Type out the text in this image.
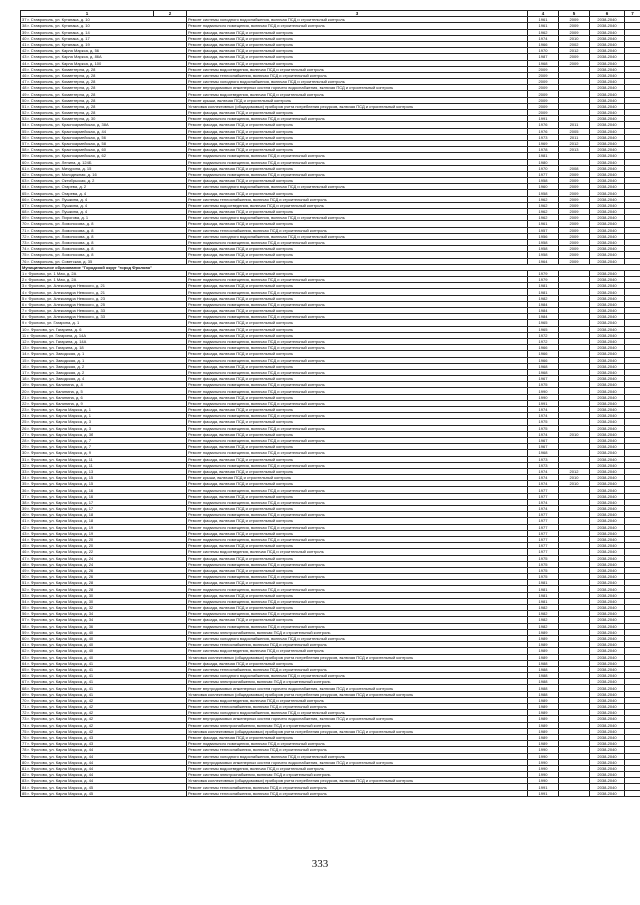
1	2	3	4	5	6	7
37 г. Ставрополь, ул. Кутанака, д. 10		Ремонт системы холодного водоснабжения, включая ПСД и строительный контроль	1961	2009	2038-2040	
38 г. Ставрополь, ул. Кутанака, д. 10		Ремонт подвального помещения, включая ПСД и строительный контроль	1961	2009	2038-2040	
39 г. Ставрополь, ул. Кутанака, д. 14		Ремонт фасада, включая ПСД и строительный контроль	1962	2009	2038-2040	
40 г. Ставрополь, ул. Кутанака, д. 17		Ремонт фасада, включая ПСД и строительный контроль	1974	2010	2038-2040	
41 г. Ставрополь, ул. Кутанака, д. 19		Ремонт фасада, включая ПСД и строительный контроль	1966	2002	2038-2040	
42 г. Ставрополь, ул. Карла Маркса, д. 56		Ремонт фасада, включая ПСД и строительный контроль	1970	2012	2038-2040	
43 г. Ставрополь, ул. Карла Маркса, д. 86А		Ремонт фасада, включая ПСД и строительный контроль	1987	2009	2038-2040	
44 г. Ставрополь, ул. Карла Маркса, д. 100		Ремонт фасада, включая ПСД и строительный контроль	1968	2009	2038-2040	
45 г. Ставрополь, ул. Коминтерна, д. 28		Ремонт системы водоотведения, включая ПСД и строительный контроль	2009		2038-2040	
46 г. Ставрополь, ул. Коминтерна, д. 28		Ремонт системы теплоснабжения, включая ПСД и строительный контроль	2009		2038-2040	
47 г. Ставрополь, ул. Коминтерна, д. 28		Ремонт системы холодного водоснабжения, включая ПСД и строительный контроль	2009		2038-2040	
48 г. Ставрополь, ул. Коминтерна, д. 28		Ремонт внутридомовых инженерных систем горячего водоснабжения, включая ПСД и строительный контроль	2009		2038-2040	
49 г. Ставрополь, ул. Коминтерна, д. 28		Ремонт системы водоотведения, включая ПСД и строительный контроль	2009		2038-2040	
50 г. Ставрополь, ул. Коминтерна, д. 28		Ремонт крыши, включая ПСД и строительный контроль	2009		2038-2040	
51 г. Ставрополь, ул. Коминтерна, д. 28		Установка коллективных (общедомовых) приборов учета потребления ресурсов, включая ПСД и строительный контроль	2009		2038-2040	
52 г. Ставрополь, ул. Коминтерна, д. 28		Ремонт фасада, включая ПСД и строительный контроль	2009		2038-2040	
53 г. Ставрополь, ул. Коминтерна, д. 30		Ремонт подвального помещения, включая ПСД и строительный контроль	1991		2038-2040	
54 г. Ставрополь, ул. Красноармейская, д. 38А		Ремонт фасада, включая ПСД и строительный контроль	1976	2011	2038-2040	
55 г. Ставрополь, ул. Красноармейская, д. 44		Ремонт фасада, включая ПСД и строительный контроль	1976	2005	2038-2040	
56 г. Ставрополь, ул. Красноармейская, д. 56		Ремонт фасада, включая ПСД и строительный контроль	1973	2011	2038-2040	
57 г. Ставрополь, ул. Красноармейская, д. 58		Ремонт фасада, включая ПСД и строительный контроль	1969	2012	2038-2040	
58 г. Ставрополь, ул. Красноармейская, д. 60		Ремонт фасада, включая ПСД и строительный контроль	1978	2013	2038-2040	
59 г. Ставрополь, ул. Красноармейская, д. 62		Ремонт подвального помещения, включая ПСД и строительный контроль	1981		2038-2040	
60 г. Ставрополь, ул. Ленина, д. 124Б		Ремонт подвального помещения, включая ПСД и строительный контроль	1980		2038-2040	
61 г. Ставрополь, ул. Мичурина, д. 15		Ремонт фасада, включая ПСД и строительный контроль	1970	2008	2038-2040	
62 г. Ставрополь, ул. Молодежная, д. 16		Ремонт подвального помещения, включая ПСД и строительный контроль	1977	2009	2038-2040	
63 г. Ставрополь, ул. Октябрьская, д. 2		Ремонт фасада, включая ПСД и строительный контроль	1958	2009	2038-2040	
64 г. Ставрополь, ул. Огарева, д. 2		Ремонт системы холодного водоснабжения, включая ПСД и строительный контроль	1960	2009	2038-2040	
65 г. Ставрополь, ул. Огарева, д. 4		Ремонт фасада, включая ПСД и строительный контроль	1958	2009	2038-2040	
66 г. Ставрополь, ул. Пушкина, д. 4		Ремонт системы теплоснабжения, включая ПСД и строительный контроль	1962	2009	2038-2040	
67 г. Ставрополь, ул. Пушкина, д. 4		Ремонт системы водоотведения, включая ПСД и строительный контроль	1962	2009	2038-2040	
68 г. Ставрополь, ул. Пушкина, д. 4		Ремонт фасада, включая ПСД и строительный контроль	1962	2009	2038-2040	
69 г. Ставрополь, ул. Пирогова, д. 1		Ремонт системы холодного водоснабжения, включая ПСД и строительный контроль	1962	2009	2038-2040	
70 г. Ставрополь, ул. Ломоносова, д. 8		Ремонт фасада, включая ПСД и строительный контроль	1961	2009	2038-2040	
71 г. Ставрополь, ул. Ломоносова, д. 8		Ремонт системы теплоснабжения, включая ПСД и строительный контроль	1957	2009	2038-2040	
72 г. Ставрополь, ул. Ломоносова, д. 8		Ремонт системы холодного водоснабжения, включая ПСД и строительный контроль	1956	2009	2038-2040	
73 г. Ставрополь, ул. Ломоносова, д. 8		Ремонт подвального помещения, включая ПСД и строительный контроль	1958	2009	2038-2040	
74 г. Ставрополь, ул. Ломоносова, д. 8		Ремонт фасада, включая ПСД и строительный контроль	1958	2009	2038-2040	
75 г. Ставрополь, ул. Ломоносова, д. 8		Ремонт фасада, включая ПСД и строительный контроль	1958	2009	2038-2040	
76 г. Ставрополь, ул. Советская, д. 35		Ремонт фасада, включая ПСД и строительный контроль	1964	2009	2038-2040	
Муниципальное образование "Городской округ "город Фролово"						
1 г. Фролово, ул. 1 Мая, д. 2А		Ремонт фасада, включая ПСД и строительный контроль	1979		2038-2040	
2 г. Фролово, ул. 1 Мая, д. 2А		Ремонт подвального помещения, включая ПСД и строительный контроль	1979		2038-2040	
3 г. Фролово, ул. Александра Невского, д. 21		Ремонт фасада, включая ПСД и строительный контроль	1981		2038-2040	
4 г. Фролово, ул. Александра Невского, д. 21		Ремонт подвального помещения, включая ПСД и строительный контроль	1981		2038-2040	
5 г. Фролово, ул. Александра Невского, д. 23		Ремонт фасада, включая ПСД и строительный контроль	1982		2038-2040	
6 г. Фролово, ул. Александра Невского, д. 25		Ремонт подвального помещения, включая ПСД и строительный контроль	1984		2038-2040	
7 г. Фролово, ул. Александра Невского, д. 33		Ремонт фасада, включая ПСД и строительный контроль	1984		2038-2040	
8 г. Фролово, ул. Александра Невского, д. 33		Ремонт подвального помещения, включая ПСД и строительный контроль	1984		2038-2040	
9 г. Фролово, ул. Гагарина, д. 1		Ремонт фасада, включая ПСД и строительный контроль	1965		2038-2040	
10 г. Фролово, ул. Гагарина, д. 6		Ремонт фасада, включая ПСД и строительный контроль	1965		2038-2040	
11 г. Фролово, ул. Гагарина, д. 14А		Ремонт фасада, включая ПСД и строительный контроль	1972		2038-2040	
12 г. Фролово, ул. Гагарина, д. 14А		Ремонт подвального помещения, включая ПСД и строительный контроль	1972		2038-2040	
13 г. Фролово, ул. Гагарина, д. 18		Ремонт подвального помещения, включая ПСД и строительный контроль	1966		2038-2040	
14 г. Фролово, ул. Заводская, д. 1		Ремонт фасада, включая ПСД и строительный контроль	1966		2038-2040	
15 г. Фролово, ул. Заводская, д. 1		Ремонт подвального помещения, включая ПСД и строительный контроль	1966		2038-2040	
16 г. Фролово, ул. Заводская, д. 2		Ремонт фасада, включая ПСД и строительный контроль	1968		2038-2040	
17 г. Фролово, ул. Заводская, д. 2		Ремонт подвального помещения, включая ПСД и строительный контроль	1968		2038-2040	
18 г. Фролово, ул. Заводская, д. 4		Ремонт фасада, включая ПСД и строительный контроль	1967		2038-2040	
19 г. Фролово, ул. Калинина, д. 4		Ремонт подвального помещения, включая ПСД и строительный контроль	1975		2038-2040	
20 г. Фролово, ул. Калинина, д. 5		Ремонт подвального помещения, включая ПСД и строительный контроль	1990		2038-2040	
21 г. Фролово, ул. Калинина, д. 6		Ремонт фасада, включая ПСД и строительный контроль	1990		2038-2040	
22 г. Фролово, ул. Калинина, д. 9		Ремонт подвального помещения, включая ПСД и строительный контроль	1991		2038-2040	
23 г. Фролово, ул. Карла Маркса, д. 1		Ремонт фасада, включая ПСД и строительный контроль	1974		2038-2040	
24 г. Фролово, ул. Карла Маркса, д. 1		Ремонт подвального помещения, включая ПСД и строительный контроль	1974		2038-2040	
25 г. Фролово, ул. Карла Маркса, д. 3		Ремонт фасада, включая ПСД и строительный контроль	1975		2038-2040	
26 г. Фролово, ул. Карла Маркса, д. 3		Ремонт подвального помещения, включая ПСД и строительный контроль	1975		2038-2040	
27 г. Фролово, ул. Карла Маркса, д. 3б		Ремонт фасада, включая ПСД и строительный контроль	1974	2010	2038-2040	
28 г. Фролово, ул. Карла Маркса, д. 7		Ремонт подвального помещения, включая ПСД и строительный контроль	1967		2038-2040	
29 г. Фролово, ул. Карла Маркса, д. 7		Ремонт фасада, включая ПСД и строительный контроль	1967		2038-2040	
30 г. Фролово, ул. Карла Маркса, д. 9		Ремонт подвального помещения, включая ПСД и строительный контроль	1968		2038-2040	
31 г. Фролово, ул. Карла Маркса, д. 11		Ремонт фасада, включая ПСД и строительный контроль	1973		2038-2040	
32 г. Фролово, ул. Карла Маркса, д. 11		Ремонт подвального помещения, включая ПСД и строительный контроль	1973		2038-2040	
33 г. Фролово, ул. Карла Маркса, д. 13		Ремонт фасада, включая ПСД и строительный контроль	1974	2012	2038-2040	
34 г. Фролово, ул. Карла Маркса, д. 15		Ремонт крыши, включая ПСД и строительный контроль	1974	2010	2038-2040	
35 г. Фролово, ул. Карла Маркса, д. 15		Ремонт фасада, включая ПСД и строительный контроль	1974	2010	2038-2040	
36 г. Фролово, ул. Карла Маркса, д. 16		Ремонт подвального помещения, включая ПСД и строительный контроль	1977		2038-2040	
37 г. Фролово, ул. Карла Маркса, д. 16		Ремонт фасада, включая ПСД и строительный контроль	1977		2038-2040	
38 г. Фролово, ул. Карла Маркса, д. 17		Ремонт подвального помещения, включая ПСД и строительный контроль	1974		2038-2040	
39 г. Фролово, ул. Карла Маркса, д. 17		Ремонт фасада, включая ПСД и строительный контроль	1974		2038-2040	
40 г. Фролово, ул. Карла Маркса, д. 18		Ремонт подвального помещения, включая ПСД и строительный контроль	1977		2038-2040	
41 г. Фролово, ул. Карла Маркса, д. 18		Ремонт фасада, включая ПСД и строительный контроль	1977		2038-2040	
42 г. Фролово, ул. Карла Маркса, д. 19		Ремонт подвального помещения, включая ПСД и строительный контроль	1977		2038-2040	
43 г. Фролово, ул. Карла Маркса, д. 19		Ремонт фасада, включая ПСД и строительный контроль	1977		2038-2040	
44 г. Фролово, ул. Карла Маркса, д. 20		Ремонт подвального помещения, включая ПСД и строительный контроль	1977		2038-2040	
45 г. Фролово, ул. Карла Маркса, д. 20		Ремонт фасада, включая ПСД и строительный контроль	1977		2038-2040	
46 г. Фролово, ул. Карла Маркса, д. 22		Ремонт системы водоотведения, включая ПСД и строительный контроль	1977		2038-2040	
47 г. Фролово, ул. Карла Маркса, д. 24		Ремонт фасада, включая ПСД и строительный контроль	1975		2038-2040	
48 г. Фролово, ул. Карла Маркса, д. 24		Ремонт подвального помещения, включая ПСД и строительный контроль	1975		2038-2040	
49 г. Фролово, ул. Карла Маркса, д. 26		Ремонт фасада, включая ПСД и строительный контроль	1975		2038-2040	
50 г. Фролово, ул. Карла Маркса, д. 26		Ремонт подвального помещения, включая ПСД и строительный контроль	1975		2038-2040	
51 г. Фролово, ул. Карла Маркса, д. 28		Ремонт фасада, включая ПСД и строительный контроль	1981		2038-2040	
52 г. Фролово, ул. Карла Маркса, д. 28		Ремонт подвального помещения, включая ПСД и строительный контроль	1981		2038-2040	
53 г. Фролово, ул. Карла Маркса, д. 30		Ремонт фасада, включая ПСД и строительный контроль	1981		2038-2040	
54 г. Фролово, ул. Карла Маркса, д. 30		Ремонт подвального помещения, включая ПСД и строительный контроль	1981		2038-2040	
55 г. Фролово, ул. Карла Маркса, д. 32		Ремонт фасада, включая ПСД и строительный контроль	1982		2038-2040	
56 г. Фролово, ул. Карла Маркса, д. 34		Ремонт подвального помещения, включая ПСД и строительный контроль	1982		2038-2040	
57 г. Фролово, ул. Карла Маркса, д. 34		Ремонт фасада, включая ПСД и строительный контроль	1982		2038-2040	
58 г. Фролово, ул. Карла Маркса, д. 36		Ремонт подвального помещения, включая ПСД и строительный контроль	1982		2038-2040	
59 г. Фролово, ул. Карла Маркса, д. 40		Ремонт системы электроснабжения, включая ПСД и строительный контроль	1989		2038-2040	
60 г. Фролово, ул. Карла Маркса, д. 40		Ремонт системы холодного водоснабжения, включая ПСД и строительный контроль	1989		2038-2040	
61 г. Фролово, ул. Карла Маркса, д. 40		Ремонт системы теплоснабжения, включая ПСД и строительный контроль	1989		2038-2040	
62 г. Фролово, ул. Карла Маркса, д. 40		Ремонт системы водоотведения, включая ПСД и строительный контроль	1989		2038-2040	
63 г. Фролово, ул. Карла Маркса, д. 40		Установка коллективных (общедомовых) приборов учета потребления ресурсов, включая ПСД и строительный контроль	1989		2038-2040	
64 г. Фролово, ул. Карла Маркса, д. 41		Ремонт фасада, включая ПСД и строительный контроль	1988		2038-2040	
65 г. Фролово, ул. Карла Маркса, д. 41		Ремонт системы теплоснабжения, включая ПСД и строительный контроль	1988		2038-2040	
66 г. Фролово, ул. Карла Маркса, д. 41		Ремонт системы холодного водоснабжения, включая ПСД и строительный контроль	1988		2038-2040	
67 г. Фролово, ул. Карла Маркса, д. 41		Ремонт системы электроснабжения, включая ПСД и строительный контроль	1988		2038-2040	
68 г. Фролово, ул. Карла Маркса, д. 41		Ремонт внутридомовых инженерных систем горячего водоснабжения, включая ПСД и строительный контроль	1988		2038-2040	
69 г. Фролово, ул. Карла Маркса, д. 41		Установка коллективных (общедомовых) приборов учета потребления ресурсов, включая ПСД и строительный контроль	1988		2038-2040	
70 г. Фролово, ул. Карла Маркса, д. 42		Ремонт системы водоотведения, включая ПСД и строительный контроль	1989		2038-2040	
71 г. Фролово, ул. Карла Маркса, д. 42		Ремонт системы теплоснабжения, включая ПСД и строительный контроль	1989		2038-2040	
72 г. Фролово, ул. Карла Маркса, д. 42		Ремонт системы холодного водоснабжения, включая ПСД и строительный контроль	1989		2038-2040	
73 г. Фролово, ул. Карла Маркса, д. 42		Ремонт внутридомовых инженерных систем горячего водоснабжения, включая ПСД и строительный контроль	1989		2038-2040	
74 г. Фролово, ул. Карла Маркса, д. 42		Ремонт системы электроснабжения, включая ПСД и строительный контроль	1989		2038-2040	
75 г. Фролово, ул. Карла Маркса, д. 42		Установка коллективных (общедомовых) приборов учета потребления ресурсов, включая ПСД и строительный контроль	1989		2038-2040	
76 г. Фролово, ул. Карла Маркса, д. 43		Ремонт фасада, включая ПСД и строительный контроль	1989		2038-2040	
77 г. Фролово, ул. Карла Маркса, д. 43		Ремонт подвального помещения, включая ПСД и строительный контроль	1989		2038-2040	
78 г. Фролово, ул. Карла Маркса, д. 44		Ремонт системы теплоснабжения, включая ПСД и строительный контроль	1990		2038-2040	
79 г. Фролово, ул. Карла Маркса, д. 44		Ремонт системы холодного водоснабжения, включая ПСД и строительный контроль	1990		2038-2040	
80 г. Фролово, ул. Карла Маркса, д. 44		Ремонт внутридомовых инженерных систем горячего водоснабжения, включая ПСД и строительный контроль	1990		2038-2040	
81 г. Фролово, ул. Карла Маркса, д. 44		Ремонт системы водоотведения, включая ПСД и строительный контроль	1990		2038-2040	
82 г. Фролово, ул. Карла Маркса, д. 44		Ремонт системы электроснабжения, включая ПСД и строительный контроль	1990		2038-2040	
83 г. Фролово, ул. Карла Маркса, д. 44		Установка коллективных (общедомовых) приборов учета потребления ресурсов, включая ПСД и строительный контроль	1990		2038-2040	
84 г. Фролово, ул. Карла Маркса, д. 45		Ремонт системы теплоснабжения, включая ПСД и строительный контроль	1991		2038-2040	
85 г. Фролово, ул. Карла Маркса, д. 45		Ремонт системы теплоснабжения, включая ПСД и строительный контроль	1991		2038-2040	
333
